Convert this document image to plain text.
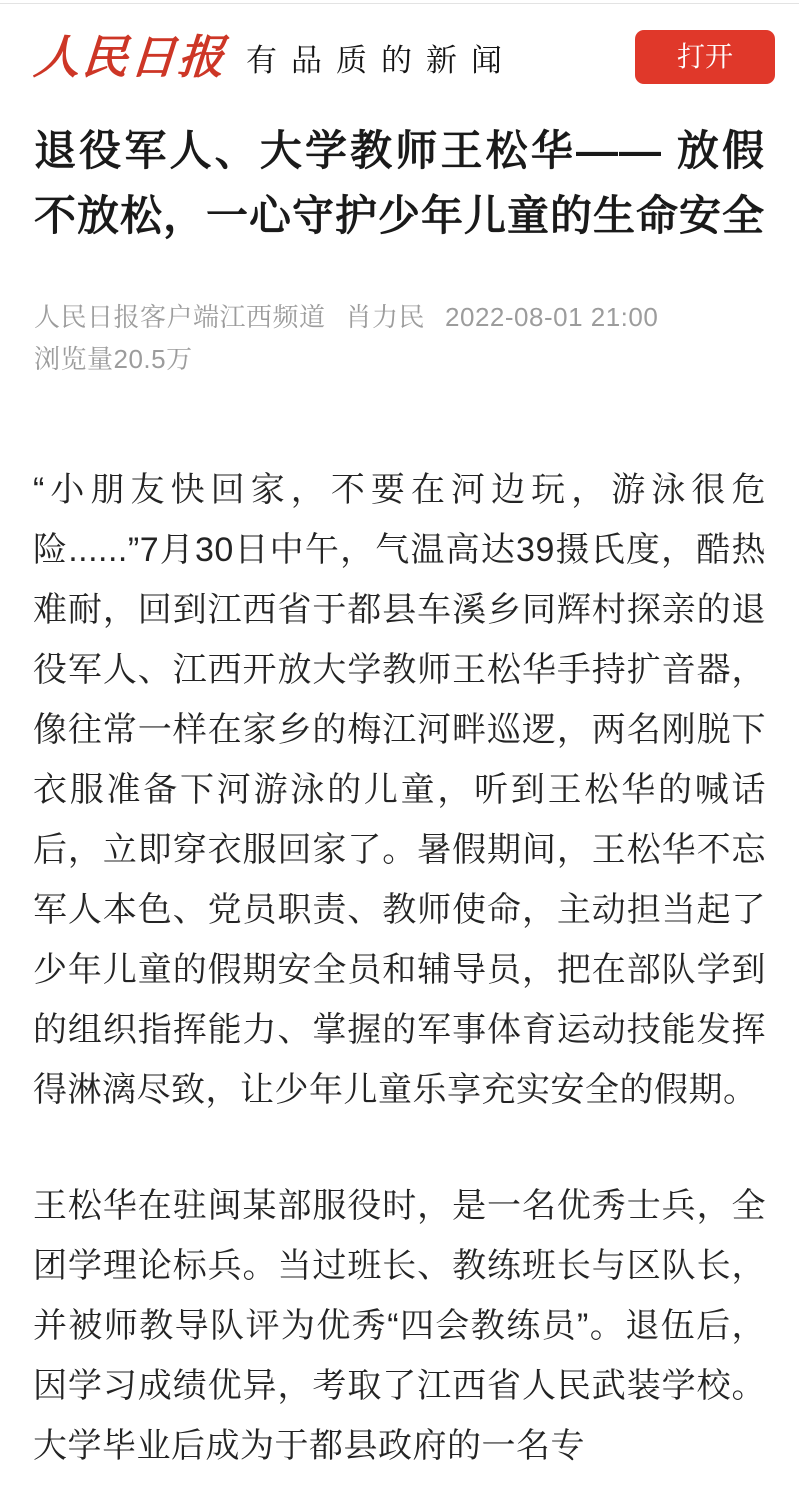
人民日报 有品质的新闻	打开
退役军人、大学教师王松华—— 放假不放松，一心守护少年儿童的生命安全
人民日报客户端江西频道 肖力民 2022-08-01 21:00
浏览量20.5万

“小朋友快回家，不要在河边玩，游泳很危险......”7月30日中午，气温高达39摄氏度，酷热难耐，回到江西省于都县车溪乡同辉村探亲的退役军人、江西开放大学教师王松华手持扩音器，像往常一样在家乡的梅江河畔巡逻，两名刚脱下衣服准备下河游泳的儿童，听到王松华的喊话后，立即穿衣服回家了。暑假期间，王松华不忘军人本色、党员职责、教师使命，主动担当起了少年儿童的假期安全员和辅导员，把在部队学到的组织指挥能力、掌握的军事体育运动技能发挥得淋漓尽致，让少年儿童乐享充实安全的假期。

王松华在驻闽某部服役时，是一名优秀士兵，全团学理论标兵。当过班长、教练班长与区队长，并被师教导队评为优秀“四会教练员”。退伍后，因学习成绩优异，考取了江西省人民武装学校。大学毕业后成为于都县政府的一名专
